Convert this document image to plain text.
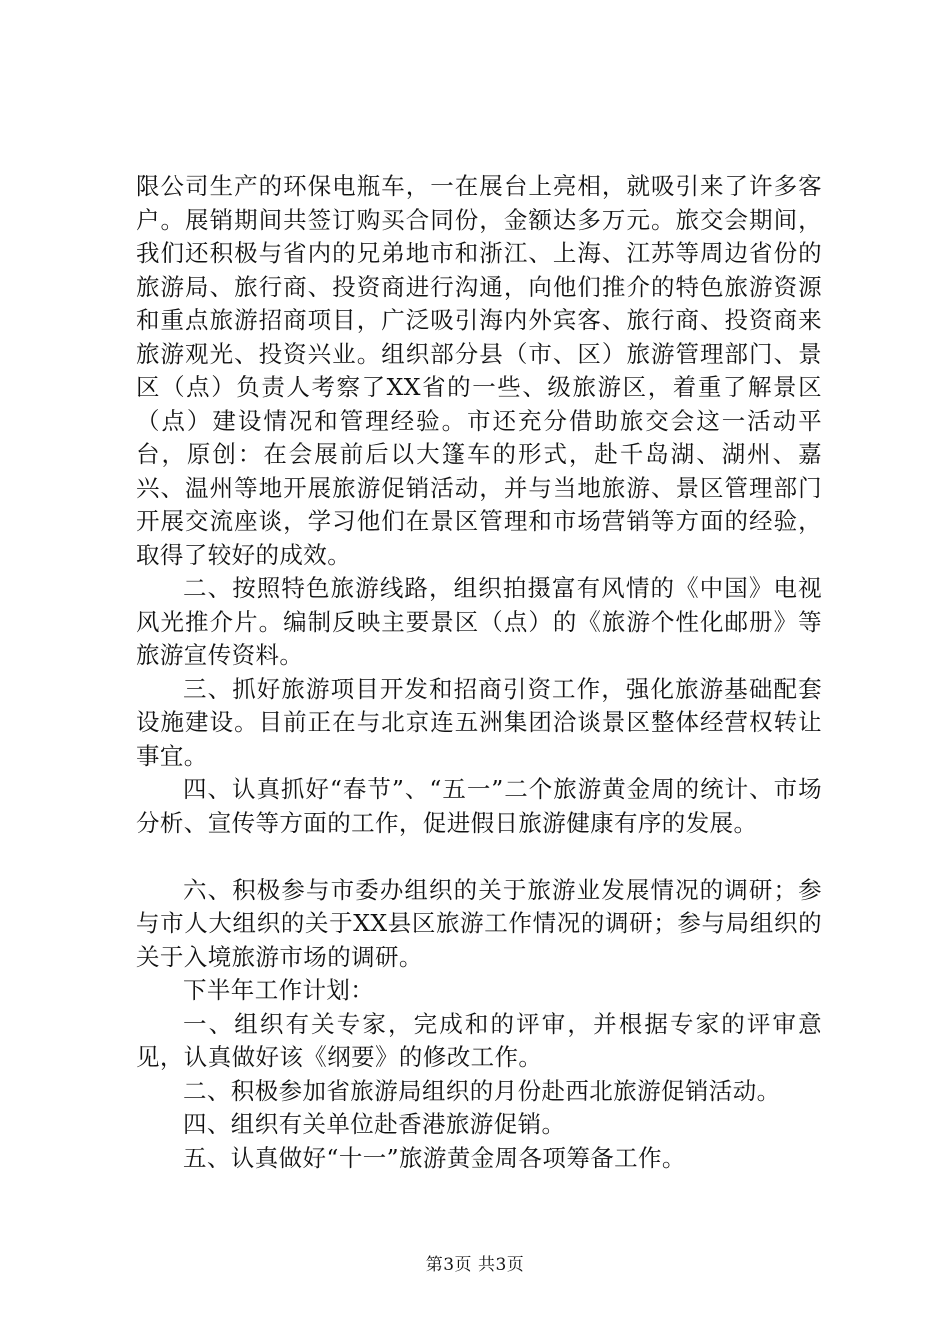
限公司生产的环保电瓶车，一在展台上亮相，就吸引来了许多客户。展销期间共签订购买合同份，金额达多万元。旅交会期间，我们还积极与省内的兄弟地市和浙江、上海、江苏等周边省份的旅游局、旅行商、投资商进行沟通，向他们推介的特色旅游资源和重点旅游招商项目，广泛吸引海内外宾客、旅行商、投资商来旅游观光、投资兴业。组织部分县（市、区）旅游管理部门、景区（点）负责人考察了XX省的一些、级旅游区，着重了解景区（点）建设情况和管理经验。市还充分借助旅交会这一活动平台，原创：在会展前后以大篷车的形式，赴千岛湖、湖州、嘉兴、温州等地开展旅游促销活动，并与当地旅游、景区管理部门开展交流座谈，学习他们在景区管理和市场营销等方面的经验，取得了较好的成效。

二、按照特色旅游线路，组织拍摄富有风情的《中国》电视风光推介片。编制反映主要景区（点）的《旅游个性化邮册》等旅游宣传资料。

三、抓好旅游项目开发和招商引资工作，强化旅游基础配套设施建设。目前正在与北京连五洲集团洽谈景区整体经营权转让事宜。

四、认真抓好“春节”、“五一”二个旅游黄金周的统计、市场分析、宣传等方面的工作，促进假日旅游健康有序的发展。

六、积极参与市委办组织的关于旅游业发展情况的调研；参与市人大组织的关于XX县区旅游工作情况的调研；参与局组织的关于入境旅游市场的调研。

下半年工作计划：

一、组织有关专家，完成和的评审，并根据专家的评审意见，认真做好该《纲要》的修改工作。

二、积极参加省旅游局组织的月份赴西北旅游促销活动。

四、组织有关单位赴香港旅游促销。

五、认真做好“十一”旅游黄金周各项筹备工作。

第3页 共3页
